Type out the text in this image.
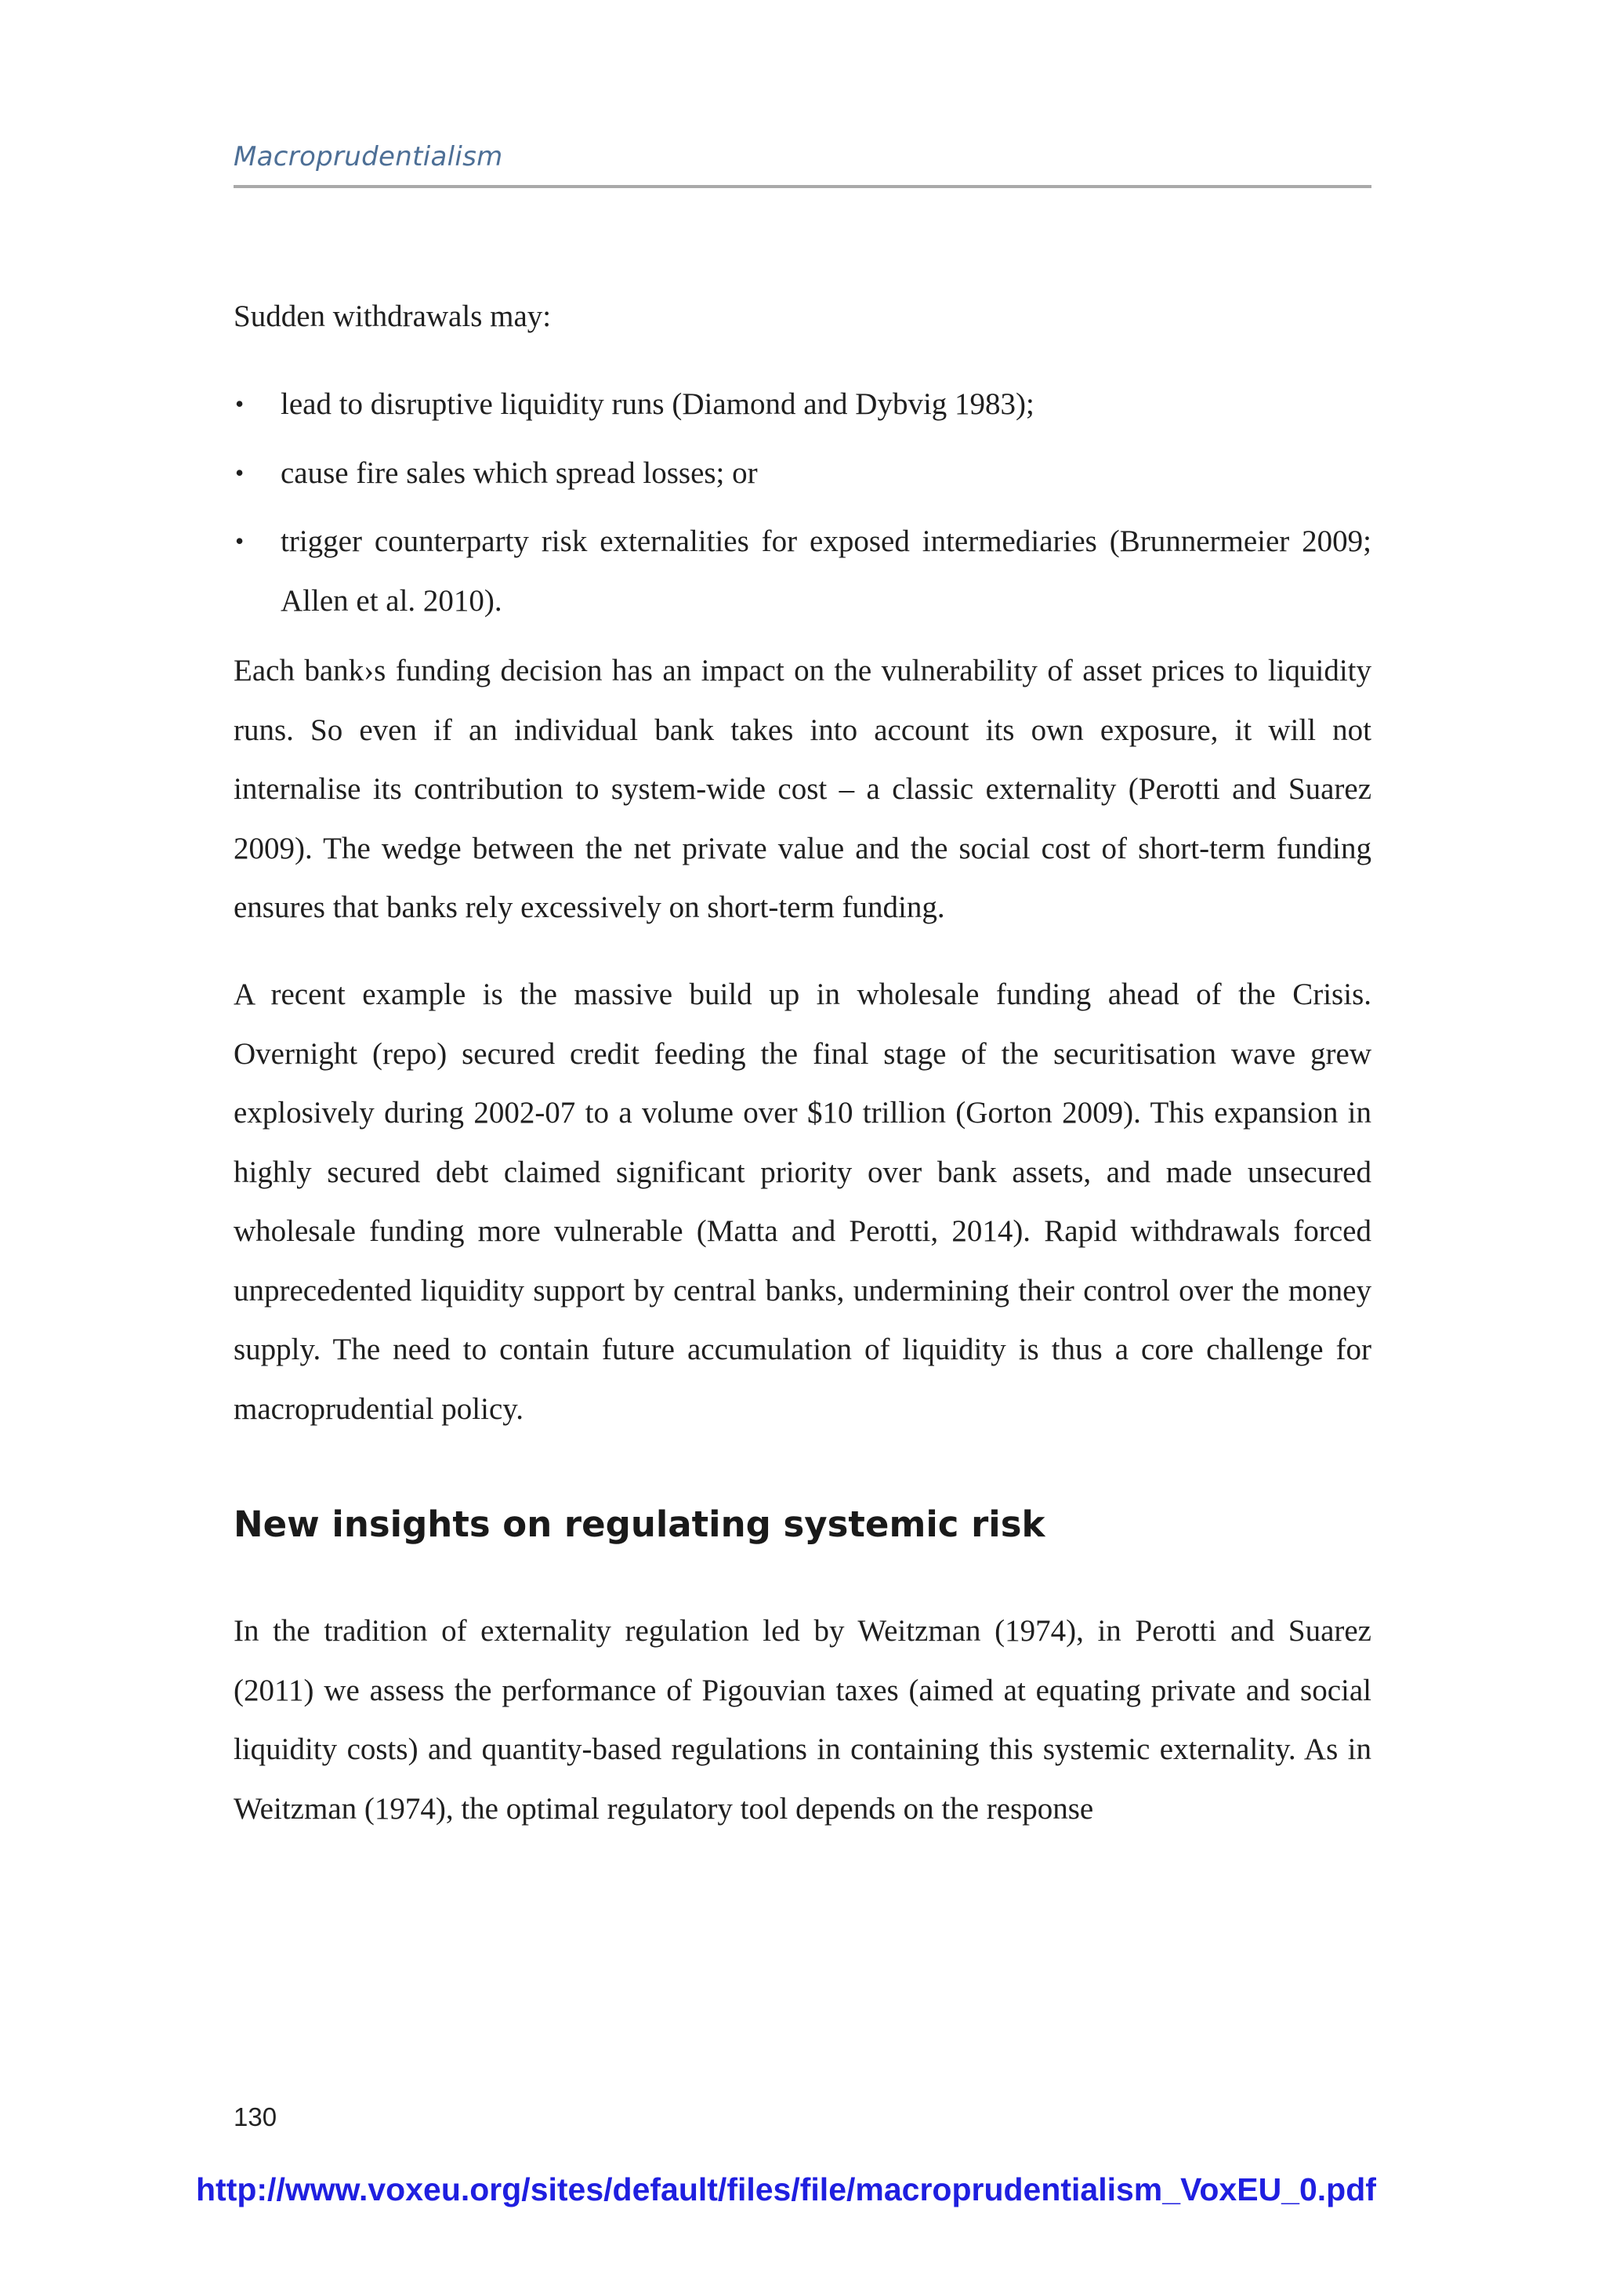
Macroprudentialism

Sudden withdrawals may:

• lead to disruptive liquidity runs (Diamond and Dybvig 1983);
• cause fire sales which spread losses; or
• trigger counterparty risk externalities for exposed intermediaries (Brunnermeier 2009; Allen et al. 2010).

Each bank›s funding decision has an impact on the vulnerability of asset prices to liquidity runs. So even if an individual bank takes into account its own exposure, it will not internalise its contribution to system-wide cost – a classic externality (Perotti and Suarez 2009). The wedge between the net private value and the social cost of short-term funding ensures that banks rely excessively on short-term funding.

A recent example is the massive build up in wholesale funding ahead of the Crisis. Overnight (repo) secured credit feeding the final stage of the securitisation wave grew explosively during 2002-07 to a volume over $10 trillion (Gorton 2009). This expansion in highly secured debt claimed significant priority over bank assets, and made unsecured wholesale funding more vulnerable (Matta and Perotti, 2014). Rapid withdrawals forced unprecedented liquidity support by central banks, undermining their control over the money supply. The need to contain future accumulation of liquidity is thus a core challenge for macroprudential policy.

New insights on regulating systemic risk

In the tradition of externality regulation led by Weitzman (1974), in Perotti and Suarez (2011) we assess the performance of Pigouvian taxes (aimed at equating private and social liquidity costs) and quantity-based regulations in containing this systemic externality. As in Weitzman (1974), the optimal regulatory tool depends on the response

130
http://www.voxeu.org/sites/default/files/file/macroprudentialism_VoxEU_0.pdf
